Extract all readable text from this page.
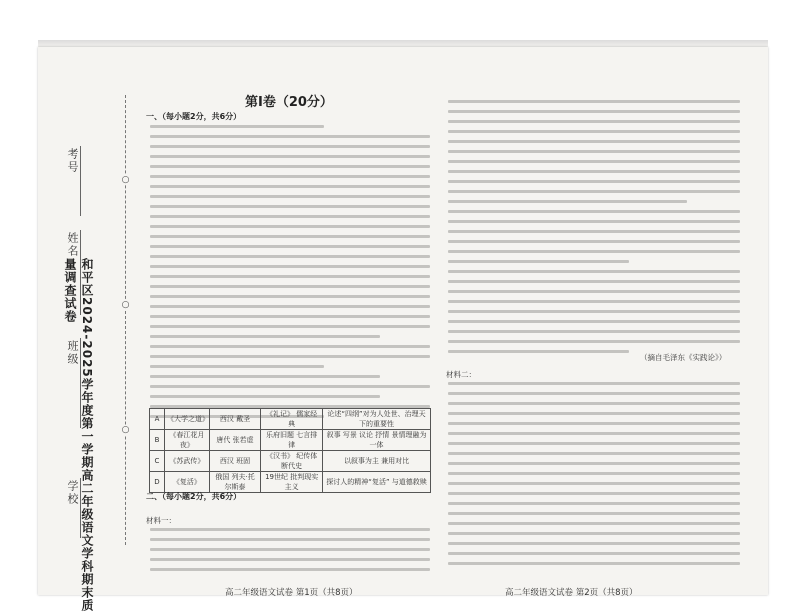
和平区2024-2025学年度第一学期高二年级语文学科期末质量调查试卷
学校
班级
姓名
考号
○
○
○
第Ⅰ卷（20分）
一、（每小题2分，共6分）
A	《大学之道》	西汉 戴圣	《礼记》 儒家经典	论述“四纲”对为人处世、治理天下的重要性
B	《春江花月夜》	唐代 张若虚	乐府旧题 七言排律	叙事 写景 议论 抒情 景情理融为一体
C	《苏武传》	西汉 班固	《汉书》 纪传体断代史	以叙事为主 兼用对比
D	《复活》	俄国 列夫·托尔斯泰	19世纪 批判现实主义	探讨人的精神“复活” 与道德救赎
二、（每小题2分，共6分）
材料一：
高二年级语文试卷 第1页（共8页）
（摘自毛泽东《实践论》）
材料二：
高二年级语文试卷 第2页（共8页）
